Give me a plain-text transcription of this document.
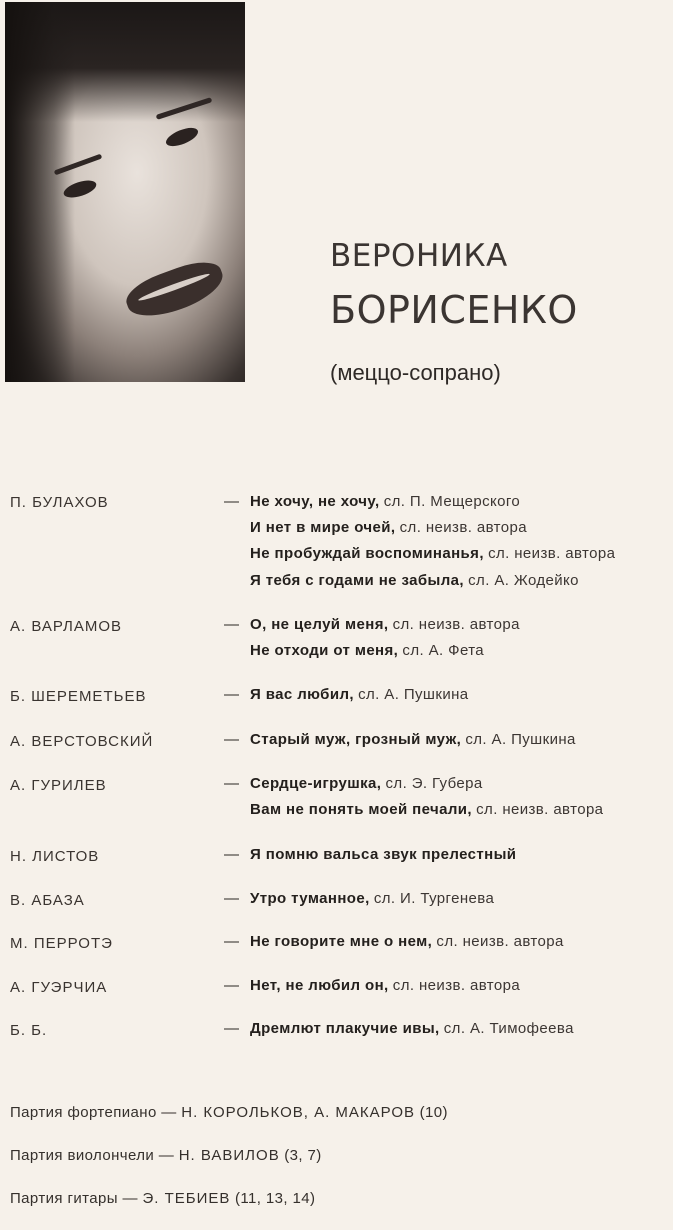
ВЕРОНИКА
БОРИСЕНКО
(меццо-сопрано)
П. БУЛАХОВ	— Не хочу, не хочу, сл. П. Мещерского
И нет в мире очей, сл. неизв. автора
Не пробуждай воспоминанья, сл. неизв. автора
Я тебя с годами не забыла, сл. А. Жодейко
А. ВАРЛАМОВ	— О, не целуй меня, сл. неизв. автора
Не отходи от меня, сл. А. Фета
Б. ШЕРЕМЕТЬЕВ	— Я вас любил, сл. А. Пушкина
А. ВЕРСТОВСКИЙ	— Старый муж, грозный муж, сл. А. Пушкина
А. ГУРИЛЕВ	— Сердце-игрушка, сл. Э. Губера
Вам не понять моей печали, сл. неизв. автора
Н. ЛИСТОВ	— Я помню вальса звук прелестный
В. АБАЗА	— Утро туманное, сл. И. Тургенева
М. ПЕРРОТЭ	— Не говорите мне о нем, сл. неизв. автора
А. ГУЭРЧИА	— Нет, не любил он, сл. неизв. автора
Б. Б.	— Дремлют плакучие ивы, сл. А. Тимофеева
Партия фортепиано — Н. КОРОЛЬКОВ, А. МАКАРОВ (10)
Партия виолончели — Н. ВАВИЛОВ (3, 7)
Партия гитары — Э. ТЕБИЕВ (11, 13, 14)
